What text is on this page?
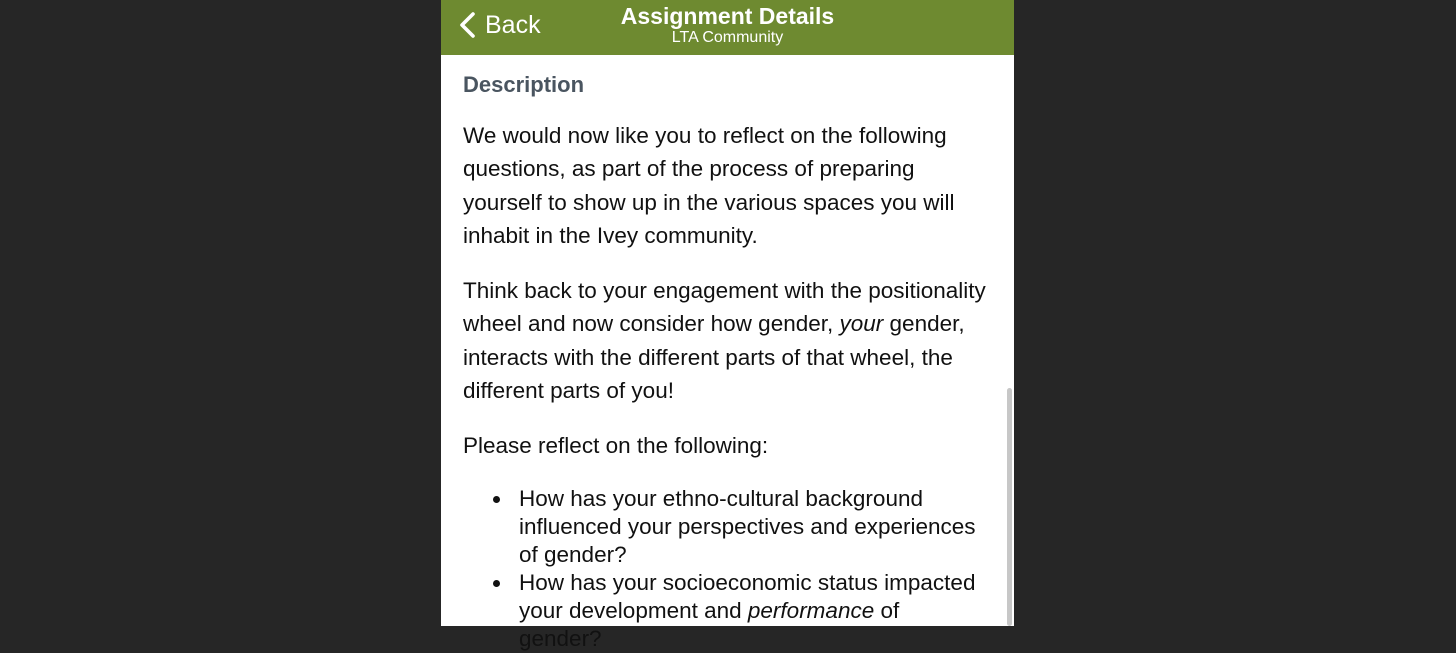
Assignment Details
LTA Community
Back
Description

We would now like you to reflect on the following questions, as part of the process of preparing yourself to show up in the various spaces you will inhabit in the Ivey community.

Think back to your engagement with the positionality wheel and now consider how gender, your gender, interacts with the different parts of that wheel, the different parts of you!

Please reflect on the following:

How has your ethno-cultural background influenced your perspectives and experiences of gender?
How has your socioeconomic status impacted your development and performance of gender?
